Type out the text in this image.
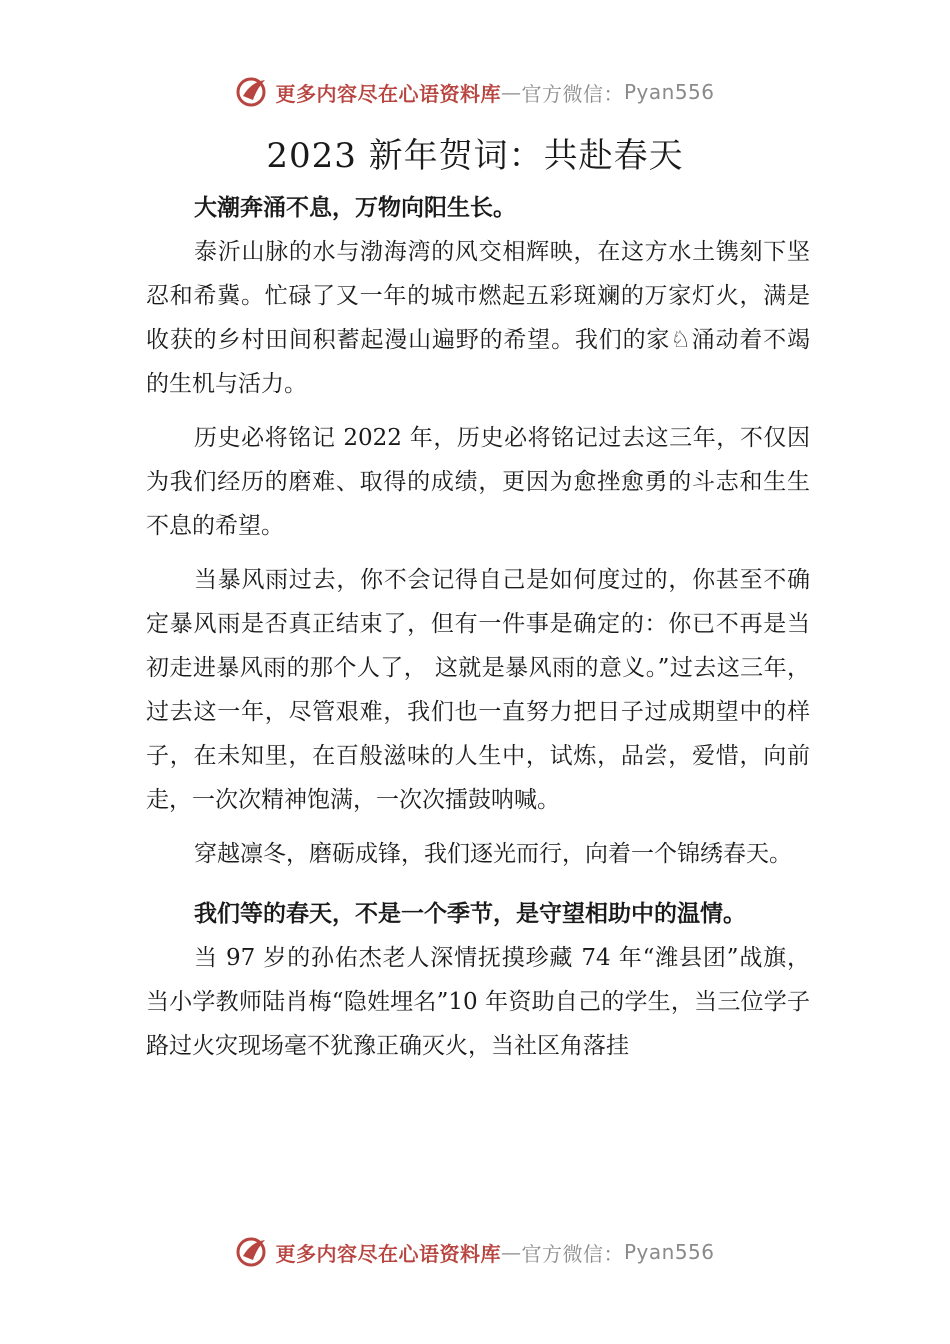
更多内容尽在心语资料库 — 官方微信： Pyan556
2023 新年贺词：共赴春天

大潮奔涌不息，万物向阳生长。

泰沂山脉的水与渤海湾的风交相辉映，在这方水土镌刻下坚忍和希冀。忙碌了又一年的城市燃起五彩斑斓的万家灯火，满是收获的乡村田间积蓄起漫山遍野的希望。我们的家♘涌动着不竭的生机与活力。

历史必将铭记 2022 年，历史必将铭记过去这三年，不仅因为我们经历的磨难、取得的成绩，更因为愈挫愈勇的斗志和生生不息的希望。

当暴风雨过去，你不会记得自己是如何度过的，你甚至不确定暴风雨是否真正结束了，但有一件事是确定的：你已不再是当初走进暴风雨的那个人了， 这就是暴风雨的意义。”过去这三年，过去这一年，尽管艰难，我们也一直努力把日子过成期望中的样子，在未知里，在百般滋味的人生中，试炼，品尝，爱惜，向前走，一次次精神饱满，一次次擂鼓呐喊。

穿越凛冬，磨砺成锋，我们逐光而行，向着一个锦绣春天。

我们等的春天，不是一个季节，是守望相助中的温情。

当 97 岁的孙佑杰老人深情抚摸珍藏 74 年“潍县团”战旗，当小学教师陆肖梅“隐姓埋名”10 年资助自己的学生，当三位学子路过火灾现场毫不犹豫正确灭火，当社区角落挂

更多内容尽在心语资料库 — 官方微信： Pyan556
